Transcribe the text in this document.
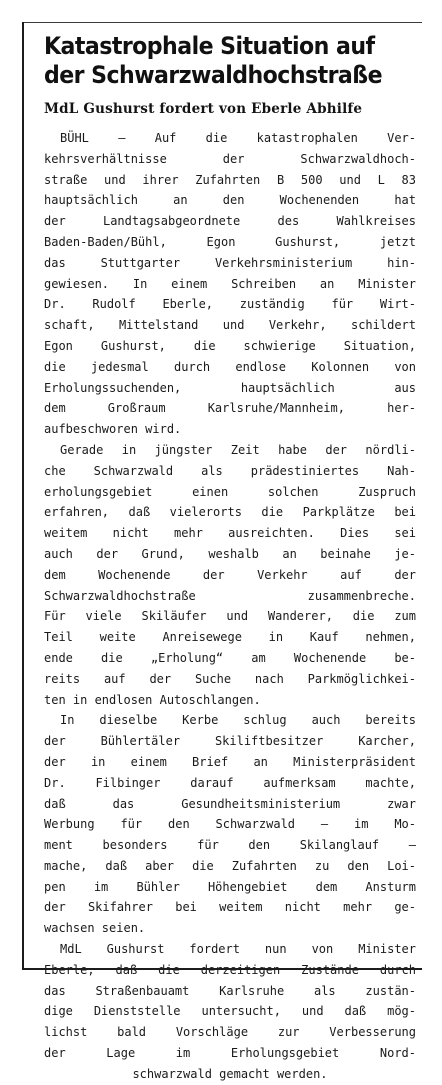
Katastrophale Situation auf
der Schwarzwaldhochstraße
MdL Gushurst fordert von Eberle Abhilfe
BÜHL — Auf die katastrophalen Ver-
kehrsverhältnisse der Schwarzwaldhoch-
straße und ihrer Zufahrten B 500 und L 83
hauptsächlich an den Wochenenden hat
der Landtagsabgeordnete des Wahlkreises
Baden-Baden/Bühl, Egon Gushurst, jetzt
das Stuttgarter Verkehrsministerium hin-
gewiesen. In einem Schreiben an Minister
Dr. Rudolf Eberle, zuständig für Wirt-
schaft, Mittelstand und Verkehr, schildert
Egon Gushurst, die schwierige Situation,
die jedesmal durch endlose Kolonnen von
Erholungssuchenden, hauptsächlich aus
dem Großraum Karlsruhe/Mannheim, her-
aufbeschworen wird.
Gerade in jüngster Zeit habe der nördli-
che Schwarzwald als prädestiniertes Nah-
erholungsgebiet einen solchen Zuspruch
erfahren, daß vielerorts die Parkplätze bei
weitem nicht mehr ausreichten. Dies sei
auch der Grund, weshalb an beinahe je-
dem Wochenende der Verkehr auf der
Schwarzwaldhochstraße zusammenbreche.
Für viele Skiläufer und Wanderer, die zum
Teil weite Anreisewege in Kauf nehmen,
ende die „Erholung“ am Wochenende be-
reits auf der Suche nach Parkmöglichkei-
ten in endlosen Autoschlangen.
In dieselbe Kerbe schlug auch bereits
der Bühlertäler Skiliftbesitzer Karcher,
der in einem Brief an Ministerpräsident
Dr. Filbinger darauf aufmerksam machte,
daß das Gesundheitsministerium zwar
Werbung für den Schwarzwald — im Mo-
ment besonders für den Skilanglauf —
mache, daß aber die Zufahrten zu den Loi-
pen im Bühler Höhengebiet dem Ansturm
der Skifahrer bei weitem nicht mehr ge-
wachsen seien.
MdL Gushurst fordert nun von Minister
das Straßenbauamt Karlsruhe als zustän-
dige Dienststelle untersucht, und daß mög-
lichst bald Vorschläge zur Verbesserung
der Lage im Erholungsgebiet Nord-
schwarzwald gemacht werden.
